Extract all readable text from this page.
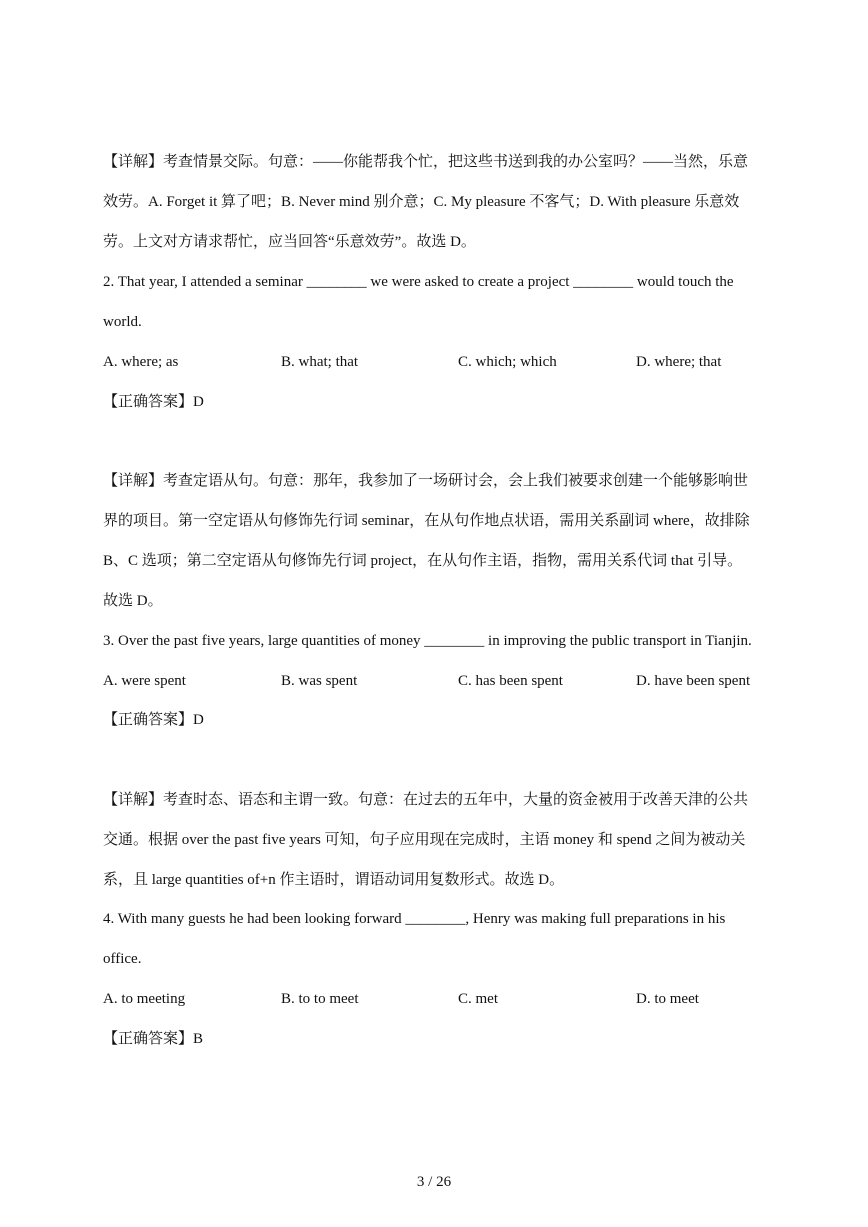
【详解】考查情景交际。句意：——你能帮我个忙，把这些书送到我的办公室吗？——当然，乐意
效劳。A. Forget it 算了吧；B. Never mind 别介意；C. My pleasure 不客气；D. With pleasure 乐意效
劳。上文对方请求帮忙，应当回答“乐意效劳”。故选 D。
2. That year, I attended a seminar ________ we were asked to create a project ________ would touch the
world.
A. where; as	B. what; that	C. which; which	D. where; that
【正确答案】D
【详解】考查定语从句。句意：那年，我参加了一场研讨会，会上我们被要求创建一个能够影响世
界的项目。第一空定语从句修饰先行词 seminar，在从句作地点状语，需用关系副词 where，故排除
B、C 选项；第二空定语从句修饰先行词 project，在从句作主语，指物，需用关系代词 that 引导。
故选 D。
3. Over the past five years, large quantities of money ________ in improving the public transport in Tianjin.
A. were spent	B. was spent	C. has been spent	D. have been spent
【正确答案】D
【详解】考查时态、语态和主谓一致。句意：在过去的五年中，大量的资金被用于改善天津的公共
交通。根据 over the past five years 可知，句子应用现在完成时，主语 money 和 spend 之间为被动关
系，且 large quantities of+n 作主语时，谓语动词用复数形式。故选 D。
4. With many guests he had been looking forward ________, Henry was making full preparations in his
office.
A. to meeting	B. to to meet	C. met	D. to meet
【正确答案】B
3 / 26
